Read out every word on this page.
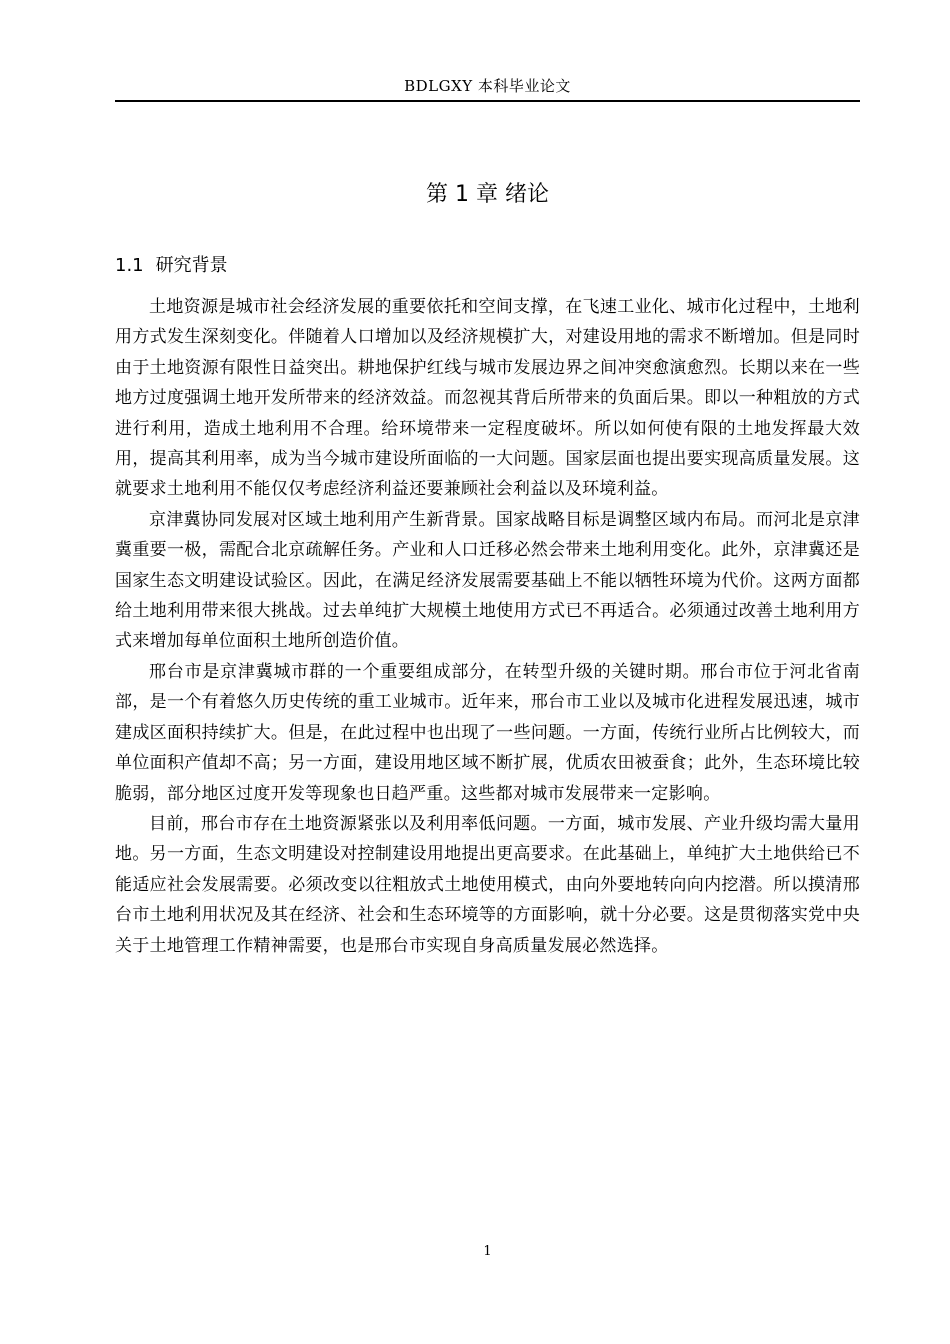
BDLGXY 本科毕业论文
第 1 章 绪论
1.1 研究背景

土地资源是城市社会经济发展的重要依托和空间支撑，在飞速工业化、城市化过程中，土地利用方式发生深刻变化。伴随着人口增加以及经济规模扩大，对建设用地的需求不断增加。但是同时由于土地资源有限性日益突出。耕地保护红线与城市发展边界之间冲突愈演愈烈。长期以来在一些地方过度强调土地开发所带来的经济效益。而忽视其背后所带来的负面后果。即以一种粗放的方式进行利用，造成土地利用不合理。给环境带来一定程度破坏。所以如何使有限的土地发挥最大效用，提高其利用率，成为当今城市建设所面临的一大问题。国家层面也提出要实现高质量发展。这就要求土地利用不能仅仅考虑经济利益还要兼顾社会利益以及环境利益。

京津冀协同发展对区域土地利用产生新背景。国家战略目标是调整区域内布局。而河北是京津冀重要一极，需配合北京疏解任务。产业和人口迁移必然会带来土地利用变化。此外，京津冀还是国家生态文明建设试验区。因此，在满足经济发展需要基础上不能以牺牲环境为代价。这两方面都给土地利用带来很大挑战。过去单纯扩大规模土地使用方式已不再适合。必须通过改善土地利用方式来增加每单位面积土地所创造价值。

邢台市是京津冀城市群的一个重要组成部分，在转型升级的关键时期。邢台市位于河北省南部，是一个有着悠久历史传统的重工业城市。近年来，邢台市工业以及城市化进程发展迅速，城市建成区面积持续扩大。但是，在此过程中也出现了一些问题。一方面，传统行业所占比例较大，而单位面积产值却不高；另一方面，建设用地区域不断扩展，优质农田被蚕食；此外，生态环境比较脆弱，部分地区过度开发等现象也日趋严重。这些都对城市发展带来一定影响。

目前，邢台市存在土地资源紧张以及利用率低问题。一方面，城市发展、产业升级均需大量用地。另一方面，生态文明建设对控制建设用地提出更高要求。在此基础上，单纯扩大土地供给已不能适应社会发展需要。必须改变以往粗放式土地使用模式，由向外要地转向向内挖潜。所以摸清邢台市土地利用状况及其在经济、社会和生态环境等的方面影响，就十分必要。这是贯彻落实党中央关于土地管理工作精神需要，也是邢台市实现自身高质量发展必然选择。

1
